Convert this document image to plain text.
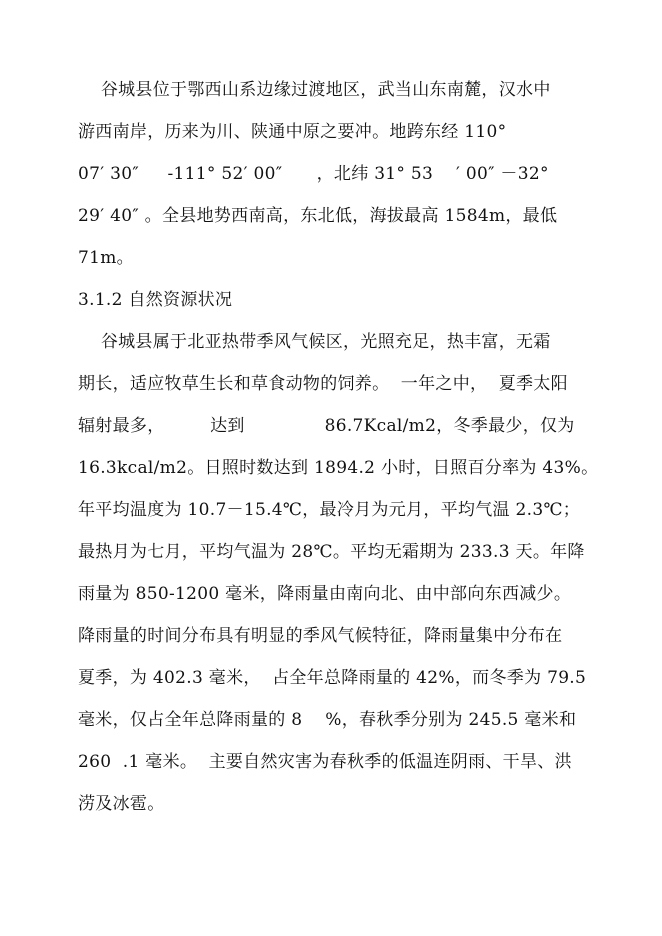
谷城县位于鄂西山系边缘过渡地区，武当山东南麓，汉水中
游西南岸，历来为川、陕通中原之要冲。地跨东经 110°
07′ 30″     -111° 52′ 00″      ，北纬 31° 53    ′ 00″ －32°
29′ 40″ 。全县地势西南高，东北低，海拔最高 1584m，最低
71m。
3.1.2 自然资源状况
谷城县属于北亚热带季风气候区，光照充足，热丰富，无霜
期长，适应牧草生长和草食动物的饲养。  一年之中，  夏季太阳
辐射最多，        达到              86.7Kcal/m2，冬季最少，仅为
16.3kcal/m2。日照时数达到 1894.2 小时，日照百分率为 43%。
年平均温度为 10.7－15.4℃，最冷月为元月，平均气温 2.3℃；
最热月为七月，平均气温为 28℃。平均无霜期为 233.3 天。年降
雨量为 850-1200 毫米，降雨量由南向北、由中部向东西减少。
降雨量的时间分布具有明显的季风气候特征，降雨量集中分布在
夏季，为 402.3 毫米，  占全年总降雨量的 42%，而冬季为 79.5
毫米，仅占全年总降雨量的 8    %，春秋季分别为 245.5 毫米和
260  .1 毫米。  主要自然灾害为春秋季的低温连阴雨、干旱、洪
涝及冰雹。
